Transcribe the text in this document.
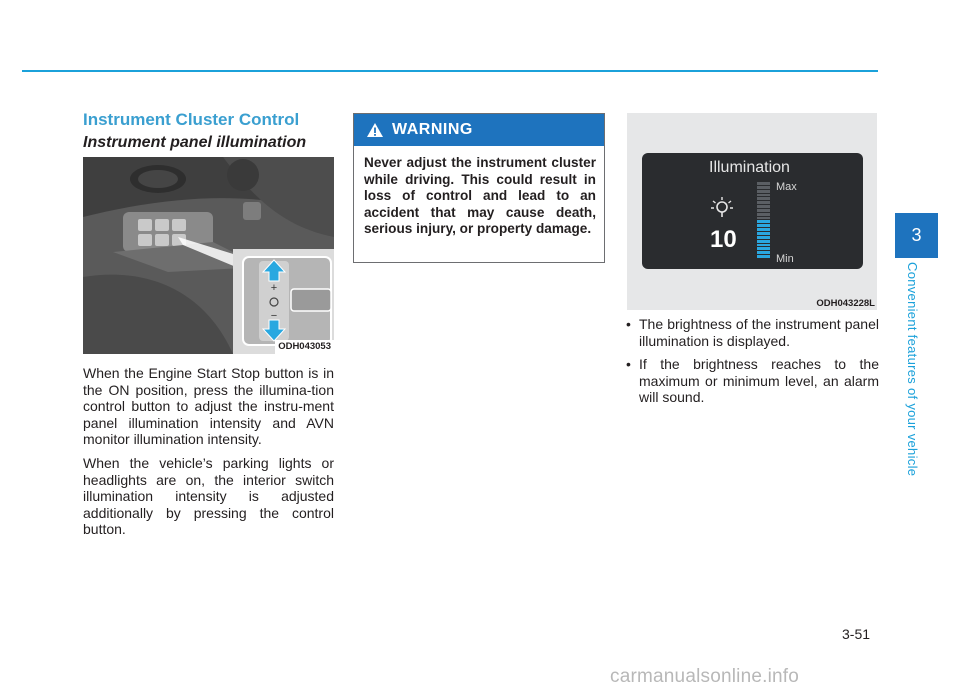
Instrument Cluster Control
Instrument panel illumination
+
−
ODH043053

When the Engine Start Stop button is in the ON position, press the illumina-tion control button to adjust the instru-ment panel illumination intensity and AVN monitor illumination intensity.

When the vehicle’s parking lights or headlights are on, the interior switch illumination intensity is adjusted additionally by pressing the control button.

WARNING
Never adjust the instrument cluster while driving. This could result in loss of control and lead to an accident that may cause death, serious injury, or property damage.
Illumination
10
Max
Min
ODH043228L
• The brightness of the instrument panel illumination is displayed.
• If the brightness reaches to the maximum or minimum level, an alarm will sound.
3
Convenient features of your vehicle
3-51
carmanualsonline.info
